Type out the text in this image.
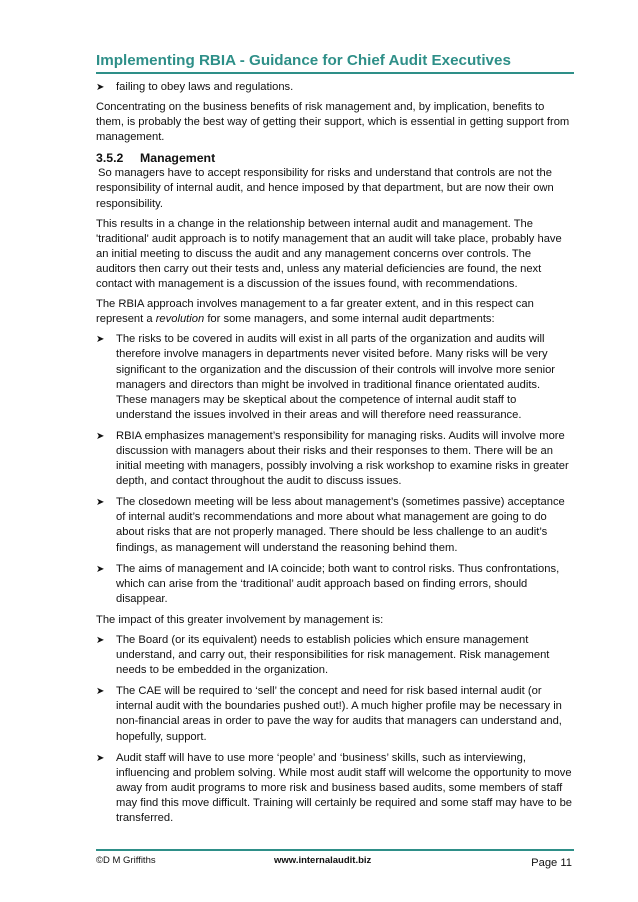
Implementing RBIA - Guidance for Chief Audit Executives
➤ failing to obey laws and regulations.

Concentrating on the business benefits of risk management and, by implication, benefits to them, is probably the best way of getting their support, which is essential in getting support from management.

3.5.2 Management

So managers have to accept responsibility for risks and understand that controls are not the responsibility of internal audit, and hence imposed by that department, but are now their own responsibility.

This results in a change in the relationship between internal audit and management. The 'traditional' audit approach is to notify management that an audit will take place, probably have an initial meeting to discuss the audit and any management concerns over controls. The auditors then carry out their tests and, unless any material deficiencies are found, the next contact with management is a discussion of the issues found, with recommendations.

The RBIA approach involves management to a far greater extent, and in this respect can represent a revolution for some managers, and some internal audit departments:

➤ The risks to be covered in audits will exist in all parts of the organization and audits will therefore involve managers in departments never visited before. Many risks will be very significant to the organization and the discussion of their controls will involve more senior managers and directors than might be involved in traditional finance orientated audits. These managers may be skeptical about the competence of internal audit staff to understand the issues involved in their areas and will therefore need reassurance.
➤ RBIA emphasizes management’s responsibility for managing risks. Audits will involve more discussion with managers about their risks and their responses to them. There will be an initial meeting with managers, possibly involving a risk workshop to examine risks in greater depth, and contact throughout the audit to discuss issues.
➤ The closedown meeting will be less about management’s (sometimes passive) acceptance of internal audit’s recommendations and more about what management are going to do about risks that are not properly managed. There should be less challenge to an audit’s findings, as management will understand the reasoning behind them.
➤ The aims of management and IA coincide; both want to control risks. Thus confrontations, which can arise from the ‘traditional’ audit approach based on finding errors, should disappear.

The impact of this greater involvement by management is:

➤ The Board (or its equivalent) needs to establish policies which ensure management understand, and carry out, their responsibilities for risk management. Risk management needs to be embedded in the organization.
➤ The CAE will be required to ‘sell’ the concept and need for risk based internal audit (or internal audit with the boundaries pushed out!). A much higher profile may be necessary in non-financial areas in order to pave the way for audits that managers can understand and, hopefully, support.
➤ Audit staff will have to use more ‘people’ and ‘business’ skills, such as interviewing, influencing and problem solving. While most audit staff will welcome the opportunity to move away from audit programs to more risk and business based audits, some members of staff may find this move difficult. Training will certainly be required and some staff may have to be transferred.
©D M Griffiths	www.internalaudit.biz	Page 11
